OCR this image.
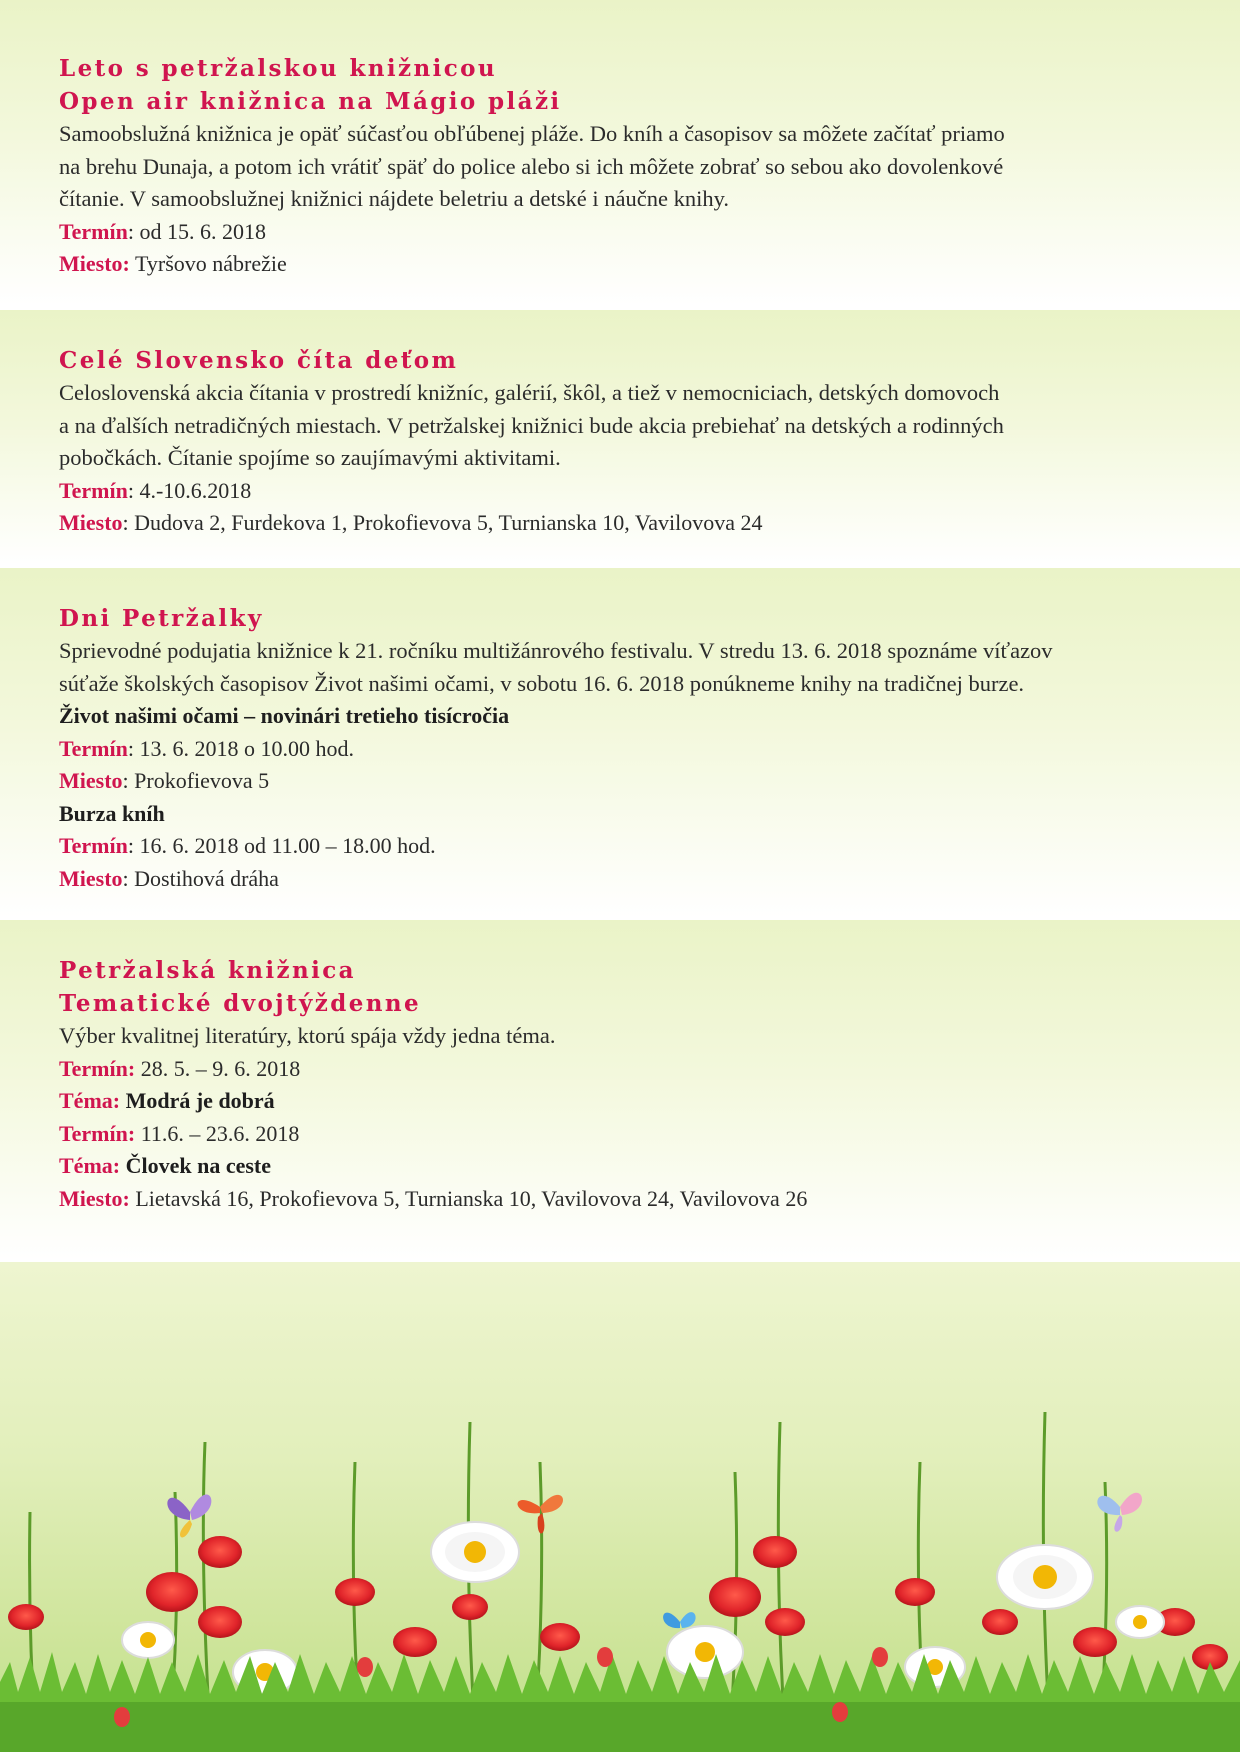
Leto s petržalskou knižnicou

Open air knižnica na Mágio pláži

Samoobslužná knižnica je opäť súčasťou obľúbenej pláže. Do kníh a časopisov sa môžete začítať priamo

na brehu Dunaja, a potom ich vrátiť späť do police alebo si ich môžete zobrať so sebou ako dovolenkové

čítanie. V samoobslužnej knižnici nájdete beletriu a detské i náučne knihy.

Termín: od 15. 6. 2018

Miesto: Tyršovo nábrežie

Celé Slovensko číta deťom

Celoslovenská akcia čítania v prostredí knižníc, galérií, škôl, a tiež v nemocniciach, detských domovoch

a na ďalších netradičných miestach. V petržalskej knižnici bude akcia prebiehať na detských a rodinných

pobočkách. Čítanie spojíme so zaujímavými aktivitami.

Termín: 4.-10.6.2018

Miesto: Dudova 2, Furdekova 1, Prokofievova 5, Turnianska 10, Vavilovova 24

Dni Petržalky

Sprievodné podujatia knižnice k 21. ročníku multižánrového festivalu. V stredu 13. 6. 2018 spoznáme víťazov

súťaže školských časopisov Život našimi očami, v sobotu 16. 6. 2018 ponúkneme knihy na tradičnej burze.

Život našimi očami – novinári tretieho tisícročia

Termín: 13. 6. 2018 o 10.00 hod.

Miesto: Prokofievova 5

Burza kníh

Termín: 16. 6. 2018 od 11.00 – 18.00 hod.

Miesto: Dostihová dráha

Petržalská knižnica

Tematické dvojtýždenne

Výber kvalitnej literatúry, ktorú spája vždy jedna téma.

Termín: 28. 5. – 9. 6. 2018

Téma: Modrá je dobrá

Termín: 11.6. – 23.6. 2018

Téma: Človek na ceste

Miesto: Lietavská 16, Prokofievova 5, Turnianska 10, Vavilovova 24, Vavilovova 26
